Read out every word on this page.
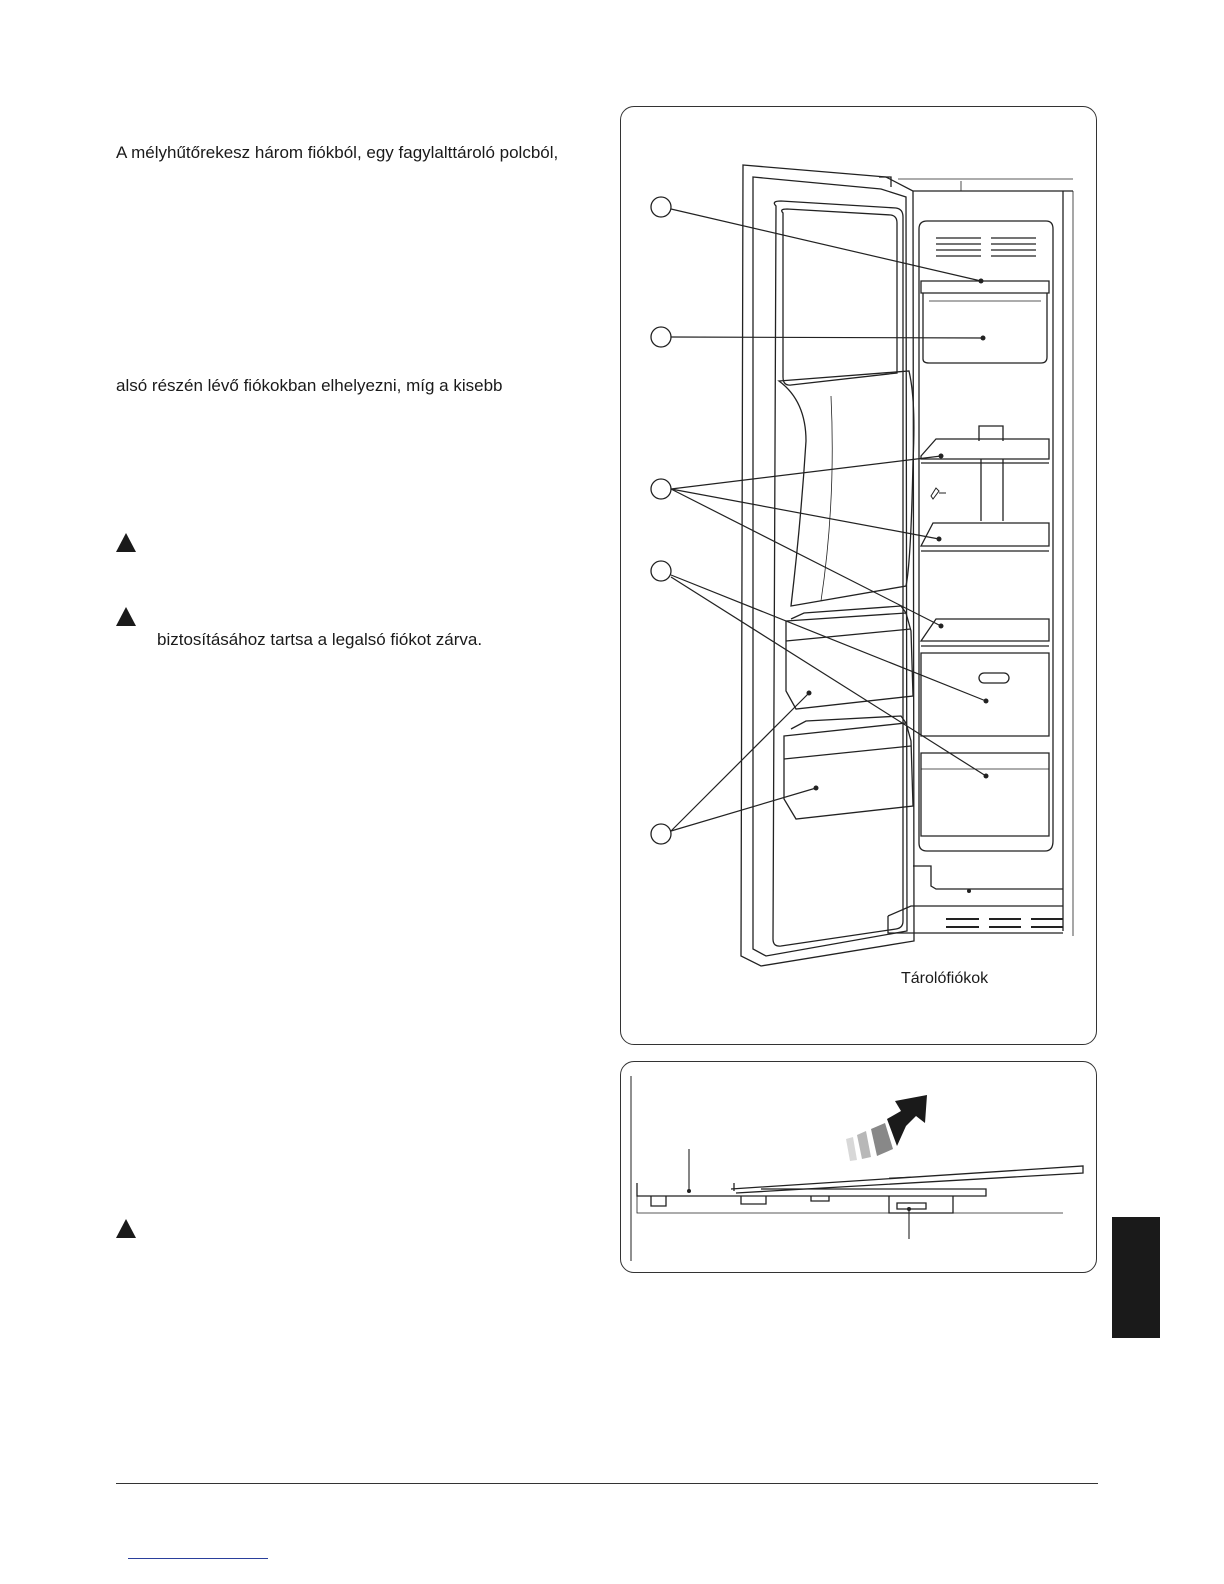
A mélyhűtőrekesz három fiókból, egy fagylalttároló polcból,
alsó részén lévő fiókokban elhelyezni, míg a kisebb
biztosításához tartsa a legalsó fiókot zárva.
Tárolófiókok
